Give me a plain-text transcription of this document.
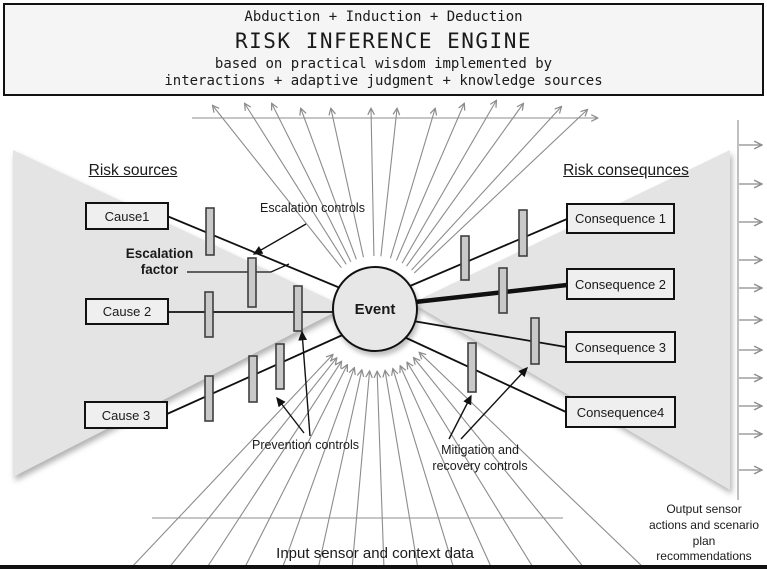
Abduction + Induction + Deduction
RISK INFERENCE ENGINE
based on practical wisdom implemented by
interactions + adaptive judgment + knowledge sources
Risk sources	Risk consequnces
Cause1
Cause 2
Cause 3
Consequence 1
Consequence 2
Consequence 3
Consequence4
Event
Escalation controls
Escalation
factor
Prevention controls	Mitigation and
recovery controls
Input sensor and context data
Output sensor
actions and scenario
plan
recommendations
